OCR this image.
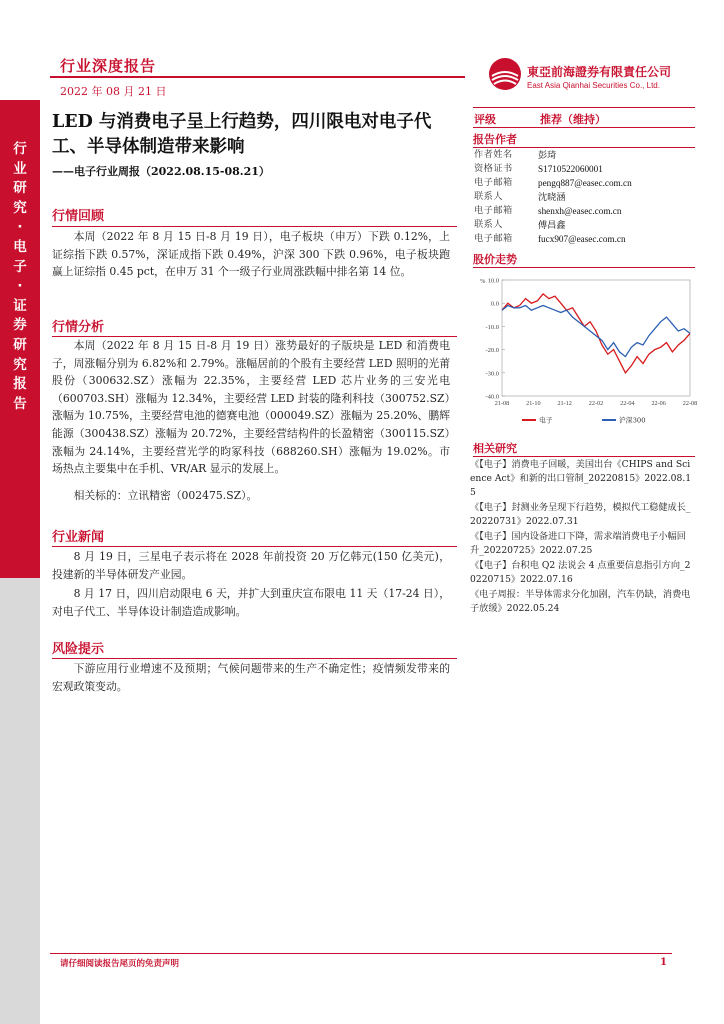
行业深度报告
2022 年 08 月 21 日
東亞前海證券有限責任公司
East Asia Qianhai Securities Co., Ltd.
行业研究·电子·证券研究报告
LED 与消费电子呈上行趋势，四川限电对电子代工、半导体制造带来影响
——电子行业周报（2022.08.15-08.21）
行情回顾
本周（2022 年 8 月 15 日-8 月 19 日），电子板块（申万）下跌 0.12%，上证综指下跌 0.57%，深证成指下跌 0.49%，沪深 300 下跌 0.96%，电子板块跑赢上证综指 0.45 pct，在申万 31 个一级子行业周涨跌幅中排名第 14 位。
行情分析
本周（2022 年 8 月 15 日-8 月 19 日）涨势最好的子版块是 LED 和消费电子，周涨幅分别为 6.82%和 2.79%。涨幅居前的个股有主要经营 LED 照明的光莆股份（300632.SZ）涨幅为 22.35%，主要经营 LED 芯片业务的三安光电（600703.SH）涨幅为 12.34%，主要经营 LED 封装的隆利科技（300752.SZ）涨幅为 10.75%，主要经营电池的德赛电池（000049.SZ）涨幅为 25.20%、鹏辉能源（300438.SZ）涨幅为 20.72%，主要经营结构件的长盈精密（300115.SZ）涨幅为 24.14%，主要经营光学的昀冢科技（688260.SH）涨幅为 19.02%。市场热点主要集中在手机、VR/AR 显示的发展上。
相关标的：立讯精密（002475.SZ）。
行业新闻
8 月 19 日，三星电子表示将在 2028 年前投资 20 万亿韩元(150 亿美元)，投建新的半导体研发产业园。
8 月 17 日，四川启动限电 6 天，并扩大到重庆宣布限电 11 天（17-24 日），对电子代工、半导体设计制造造成影响。
风险提示
下游应用行业增速不及预期；气候问题带来的生产不确定性；疫情频发带来的宏观政策变动。
评级	推荐（维持）
报告作者
作者姓名	彭琦
资格证书	S1710522060001
电子邮箱	pengq887@easec.com.cn
联系人	沈晓涵
电子邮箱	shenxh@easec.com.cn
联系人	傅昌鑫
电子邮箱	fucx907@easec.com.cn
股价走势
10.0
0.0
-10.0
-20.0
-30.0
-40.0
%
21-08	21-10	21-12	22-02	22-04	22-06	22-08
电子	沪深300
相关研究
《【电子】消费电子回暖，美国出台《CHIPS and Science Act》和新的出口管制_20220815》2022.08.15
《【电子】封测业务呈现下行趋势，模拟代工稳健成长_20220731》2022.07.31
《【电子】国内设备进口下降，需求端消费电子小幅回升_20220725》2022.07.25
《【电子】台积电 Q2 法说会 4 点重要信息指引方向_20220715》2022.07.16
《电子周报：半导体需求分化加剧，汽车仍缺，消费电子放缓》2022.05.24
请仔细阅读报告尾页的免责声明	1
